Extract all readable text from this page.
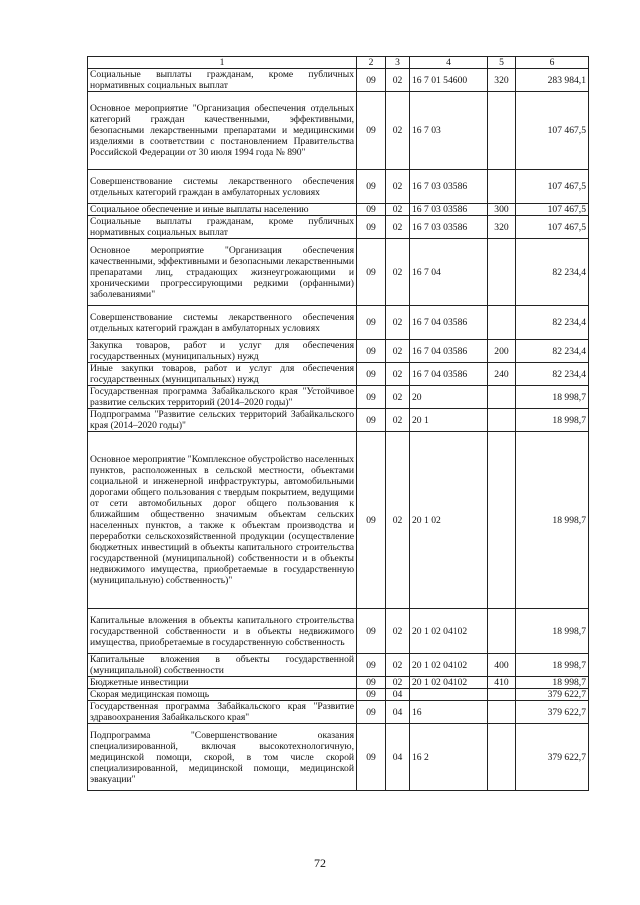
1	2	3	4	5	6
Социальные выплаты гражданам, кроме публичных нормативных социальных выплат	09	02	16 7 01 54600	320	283 984,1
Основное мероприятие "Организация обеспечения отдельных категорий граждан качественными, эффективными, безопасными лекарственными препаратами и медицинскими изделиями в соответствии с постановлением Правительства Российской Федерации от 30 июля 1994 года № 890"	09	02	16 7 03		107 467,5
Совершенствование системы лекарственного обеспечения отдельных категорий граждан в амбулаторных условиях	09	02	16 7 03 03586		107 467,5
Социальное обеспечение и иные выплаты населению	09	02	16 7 03 03586	300	107 467,5
Социальные выплаты гражданам, кроме публичных нормативных социальных выплат	09	02	16 7 03 03586	320	107 467,5
Основное мероприятие "Организация обеспечения качественными, эффективными и безопасными лекарственными препаратами лиц, страдающих жизнеугрожающими и хроническими прогрессирующими редкими (орфанными) заболеваниями"	09	02	16 7 04		82 234,4
Совершенствование системы лекарственного обеспечения отдельных категорий граждан в амбулаторных условиях	09	02	16 7 04 03586		82 234,4
Закупка товаров, работ и услуг для обеспечения государственных (муниципальных) нужд	09	02	16 7 04 03586	200	82 234,4
Иные закупки товаров, работ и услуг для обеспечения государственных (муниципальных) нужд	09	02	16 7 04 03586	240	82 234,4
Государственная программа Забайкальского края "Устойчивое развитие сельских территорий (2014–2020 годы)"	09	02	20		18 998,7
Подпрограмма "Развитие сельских территорий Забайкальского края (2014–2020 годы)"	09	02	20 1		18 998,7
Основное мероприятие "Комплексное обустройство населенных пунктов, расположенных в сельской местности, объектами социальной и инженерной инфраструктуры, автомобильными дорогами общего пользования с твердым покрытием, ведущими от сети автомобильных дорог общего пользования к ближайшим общественно значимым объектам сельских населенных пунктов, а также к объектам производства и переработки сельскохозяйственной продукции (осуществление бюджетных инвестиций в объекты капитального строительства государственной (муниципальной) собственности и в объекты недвижимого имущества, приобретаемые в государственную (муниципальную) собственность)"	09	02	20 1 02		18 998,7
Капитальные вложения в объекты капитального строительства государственной собственности и в объекты недвижимого имущества, приобретаемые в государственную собственность	09	02	20 1 02 04102		18 998,7
Капитальные вложения в объекты государственной (муниципальной) собственности	09	02	20 1 02 04102	400	18 998,7
Бюджетные инвестиции	09	02	20 1 02 04102	410	18 998,7
Скорая медицинская помощь	09	04			379 622,7
Государственная программа Забайкальского края "Развитие здравоохранения Забайкальского края"	09	04	16		379 622,7
Подпрограмма "Совершенствование оказания специализированной, включая высокотехнологичную, медицинской помощи, скорой, в том числе скорой специализированной, медицинской помощи, медицинской эвакуации"	09	04	16 2		379 622,7
72
